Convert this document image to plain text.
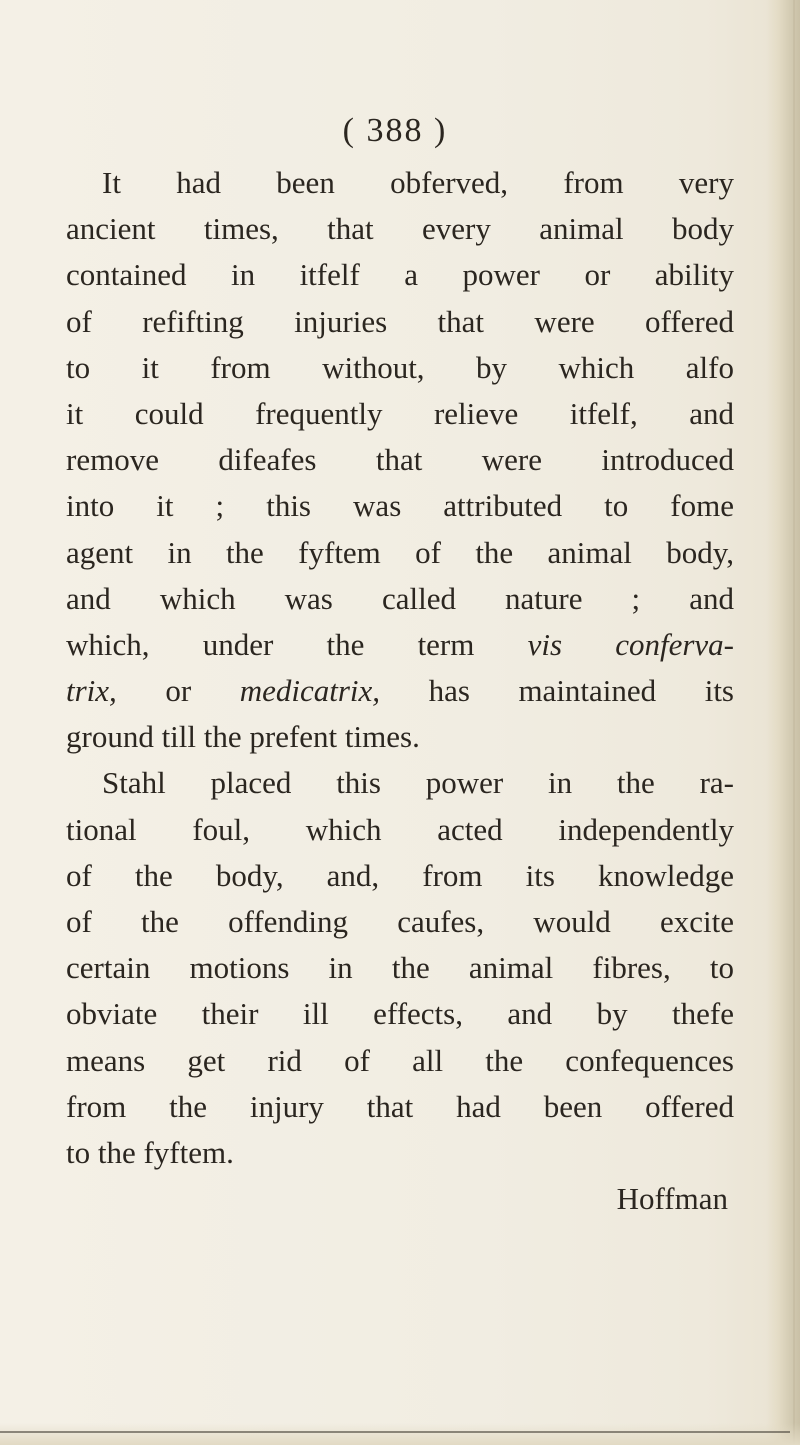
( 388 )
It had been obferved, from very
ancient times, that every animal body
contained in itfelf a power or ability
of refifting injuries that were offered
to it from without, by which alfo
it could frequently relieve itfelf, and
remove difeafes that were introduced
into it ; this was attributed to fome
agent in the fyftem of the animal body,
and which was called nature ; and
which, under the term vis conferva-
trix, or medicatrix, has maintained its
ground till the prefent times.
Stahl placed this power in the ra-
tional foul, which acted independently
of the body, and, from its knowledge
of the offending caufes, would excite
certain motions in the animal fibres, to
obviate their ill effects, and by thefe
means get rid of all the confequences
from the injury that had been offered
to the fyftem.
Hoffman
